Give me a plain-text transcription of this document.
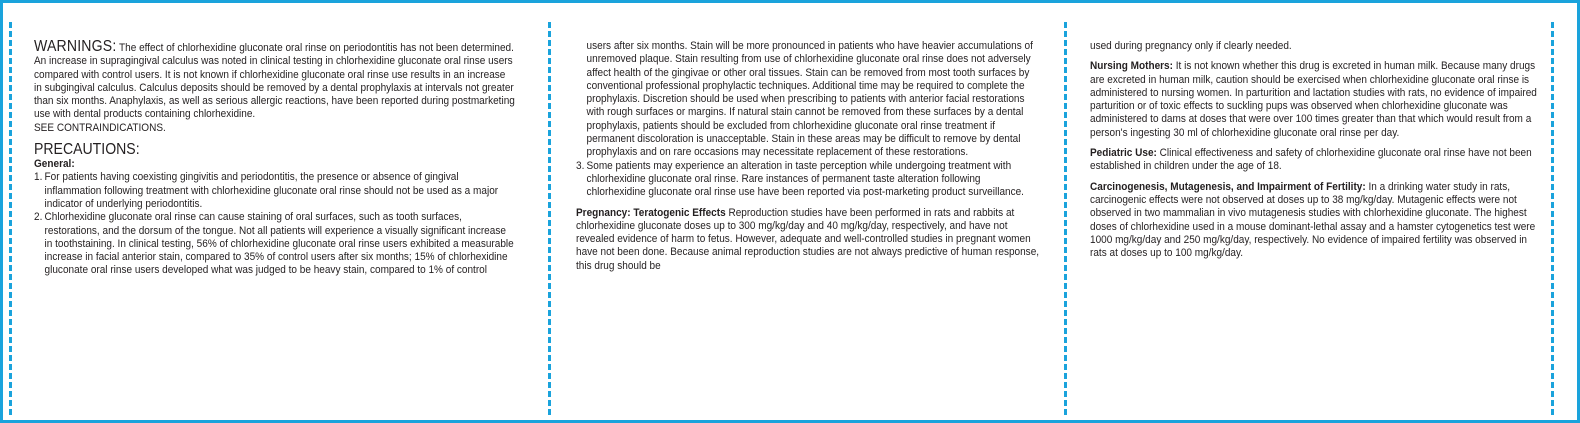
WARNINGS: The effect of chlorhexidine gluconate oral rinse on periodontitis has not been determined. An increase in supragingival calculus was noted in clinical testing in chlorhexidine gluconate oral rinse users compared with control users. It is not known if chlorhexidine gluconate oral rinse use results in an increase in subgingival calculus. Calculus deposits should be removed by a dental prophylaxis at intervals not greater than six months. Anaphylaxis, as well as serious allergic reactions, have been reported during postmarketing use with dental products containing chlorhexidine.

SEE CONTRAINDICATIONS.

PRECAUTIONS:

General:

1. For patients having coexisting gingivitis and periodontitis, the presence or absence of gingival inflammation following treatment with chlorhexidine gluconate oral rinse should not be used as a major indicator of underlying periodontitis.
2. Chlorhexidine gluconate oral rinse can cause staining of oral surfaces, such as tooth surfaces, restorations, and the dorsum of the tongue. Not all patients will experience a visually significant increase in toothstaining. In clinical testing, 56% of chlorhexidine gluconate oral rinse users exhibited a measurable increase in facial anterior stain, compared to 35% of control users after six months; 15% of chlorhexidine gluconate oral rinse users developed what was judged to be heavy stain, compared to 1% of control
users after six months. Stain will be more pronounced in patients who have heavier accumulations of unremoved plaque. Stain resulting from use of chlorhexidine gluconate oral rinse does not adversely affect health of the gingivae or other oral tissues. Stain can be removed from most tooth surfaces by conventional professional prophylactic techniques. Additional time may be required to complete the prophylaxis. Discretion should be used when prescribing to patients with anterior facial restorations with rough surfaces or margins. If natural stain cannot be removed from these surfaces by a dental prophylaxis, patients should be excluded from chlorhexidine gluconate oral rinse treatment if permanent discoloration is unacceptable. Stain in these areas may be difficult to remove by dental prophylaxis and on rare occasions may necessitate replacement of these restorations.
3. Some patients may experience an alteration in taste perception while undergoing treatment with chlorhexidine gluconate oral rinse. Rare instances of permanent taste alteration following chlorhexidine gluconate oral rinse use have been reported via post-marketing product surveillance.

Pregnancy: Teratogenic Effects Reproduction studies have been performed in rats and rabbits at chlorhexidine gluconate doses up to 300 mg/kg/day and 40 mg/kg/day, respectively, and have not revealed evidence of harm to fetus. However, adequate and well-controlled studies in pregnant women have not been done. Because animal reproduction studies are not always predictive of human response, this drug should be

used during pregnancy only if clearly needed.

Nursing Mothers: It is not known whether this drug is excreted in human milk. Because many drugs are excreted in human milk, caution should be exercised when chlorhexidine gluconate oral rinse is administered to nursing women. In parturition and lactation studies with rats, no evidence of impaired parturition or of toxic effects to suckling pups was observed when chlorhexidine gluconate was administered to dams at doses that were over 100 times greater than that which would result from a person's ingesting 30 ml of chlorhexidine gluconate oral rinse per day.

Pediatric Use: Clinical effectiveness and safety of chlorhexidine gluconate oral rinse have not been established in children under the age of 18.

Carcinogenesis, Mutagenesis, and Impairment of Fertility: In a drinking water study in rats, carcinogenic effects were not observed at doses up to 38 mg/kg/day. Mutagenic effects were not observed in two mammalian in vivo mutagenesis studies with chlorhexidine gluconate. The highest doses of chlorhexidine used in a mouse dominant-lethal assay and a hamster cytogenetics test were 1000 mg/kg/day and 250 mg/kg/day, respectively. No evidence of impaired fertility was observed in rats at doses up to 100 mg/kg/day.
